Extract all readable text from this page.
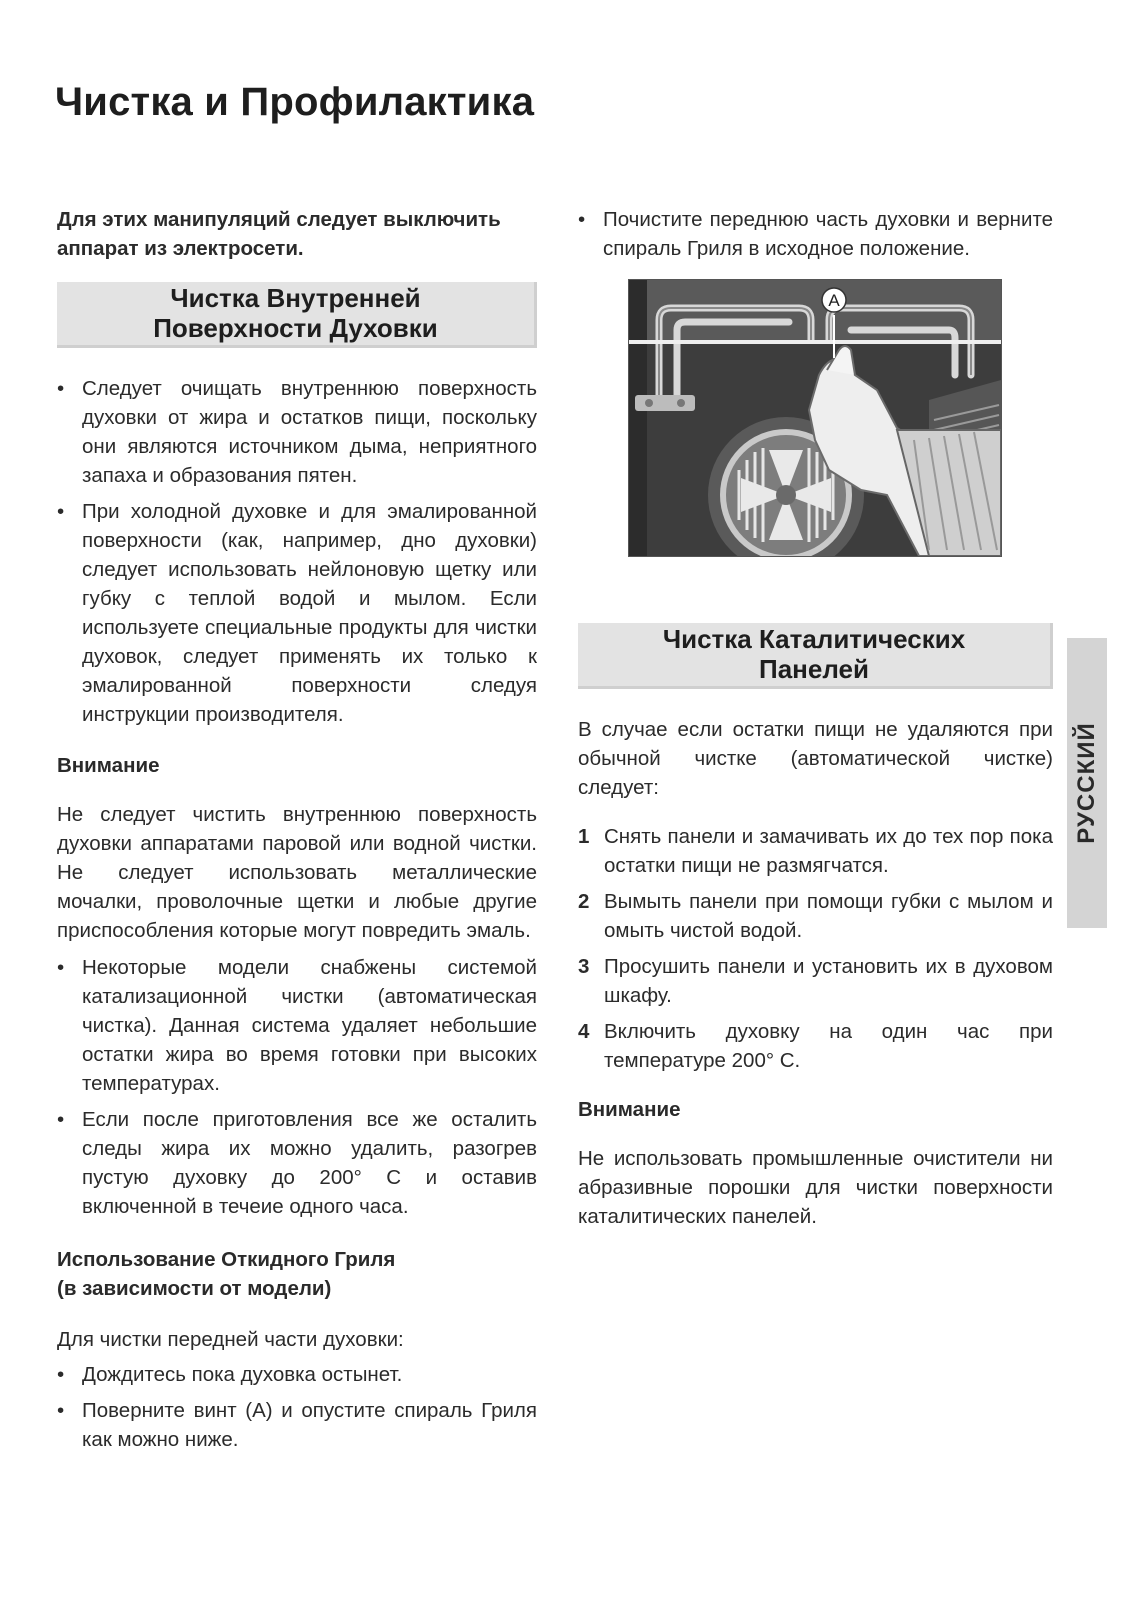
Чистка и Профилактика

Для этих манипуляций следует выключить аппарат из электросети.

Чистка Внутренней
Поверхности Духовки
• Следует очищать внутреннюю поверхность духовки от жира и остатков пищи, поскольку они являются источником дыма, неприятного запаха и образования пятен.
• При холодной духовке и для эмалированной поверхности (как, например, дно духовки) следует использовать нейлоновую щетку или губку с теплой водой и мылом. Если используете специальные продукты для чистки духовок, следует применять их только к эмалированной поверхности следуя инструкции производителя.
Внимание

Не следует чистить внутреннюю поверхность духовки аппаратами паровой или водной чистки. Не следует использовать металлические мочалки, проволочные щетки и любые другие приспособления которые могут повредить эмаль.

• Некоторые модели снабжены системой катализационной чистки (автоматическая чистка). Данная система удаляет небольшие остатки жира во время готовки при высоких температурах.
• Если после приготовления все же осталить следы жира их можно удалить, разогрев пустую духовку до 200° С и оставив включенной в течеие одного часа.
Использование Откидного Гриля
(в зависимости от модели)

Для чистки передней части духовки:

• Дождитесь пока духовка остынет.
• Поверните винт (А) и опустите спираль Гриля как можно ниже.
• Почистите переднюю часть духовки и верните спираль Гриля в исходное положение.
A
Чистка Каталитических
Панелей

В случае если остатки пищи не удаляются при обычной чистке (автоматической чистке) следует:

1 Снять панели и замачивать их до тех пор пока остатки пищи не размягчатся.
2 Вымыть панели при помощи губки с мылом и омыть чистой водой.
3 Просушить панели и установить их в духовом шкафу.
4 Включить духовку на один час при температуре 200° С.
Внимание

Не использовать промышленные очистители ни абразивные порошки для чистки поверхности каталитических панелей.

РУССКИЙ
